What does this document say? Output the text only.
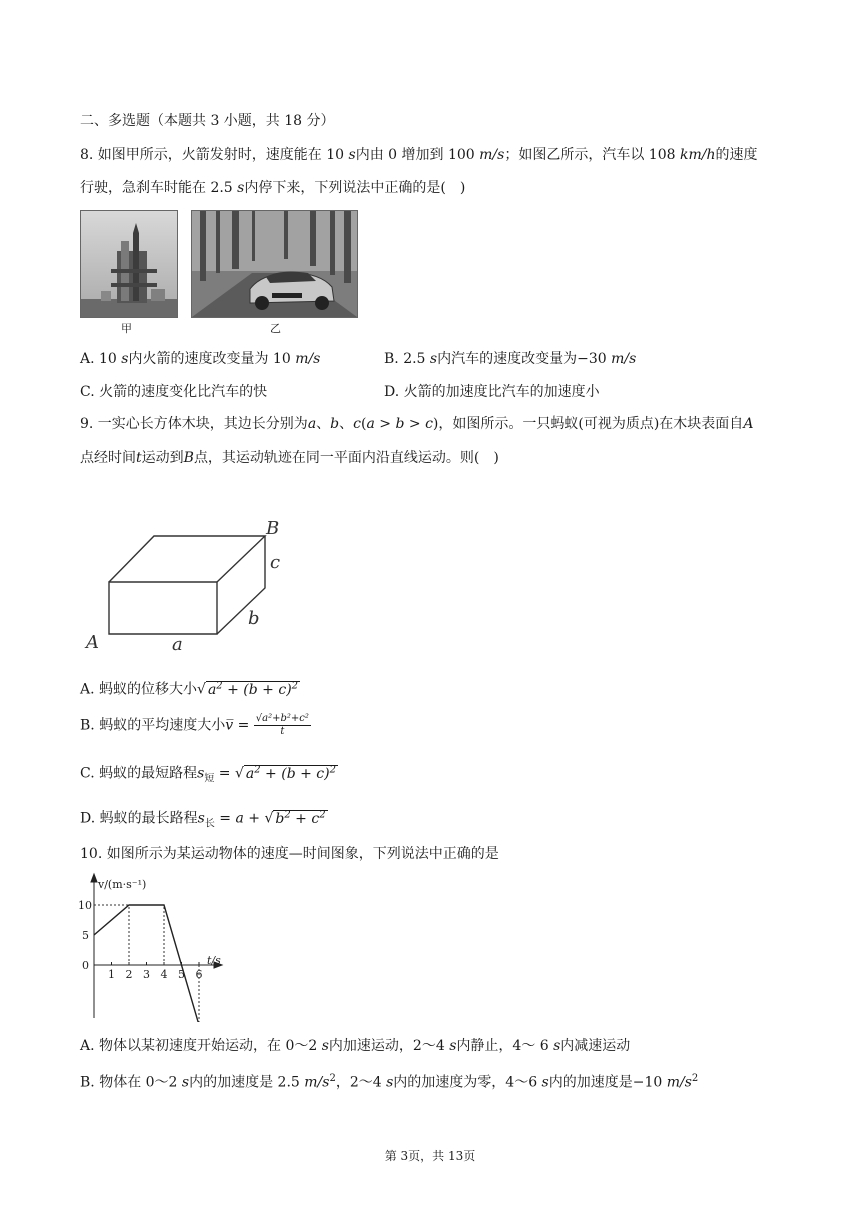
二、多选题（本题共 3 小题，共 18 分）
8. 如图甲所示，火箭发射时，速度能在 10 s内由 0 增加到 100 m/s；如图乙所示，汽车以 108 km/h的速度
行驶，急刹车时能在 2.5 s内停下来，下列说法中正确的是(　)
甲	乙
A. 10 s内火箭的速度改变量为 10 m/s	B. 2.5 s内汽车的速度改变量为−30 m/s
C. 火箭的速度变化比汽车的快	D. 火箭的加速度比汽车的加速度小
9. 一实心长方体木块，其边长分别为a、b、c(a > b > c)，如图所示。一只蚂蚁(可视为质点)在木块表面自A
点经时间t运动到B点，其运动轨迹在同一平面内沿直线运动。则(　)
A
B
a
b
c
A. 蚂蚁的位移大小√ $a^2 + (b + c)^2$
B. 蚂蚁的平均速度大小v̅ = $\frac{\text{√a²+b²+c²}}{t}$
C. 蚂蚁的最短路程$s_短$ = √ $a^2 + (b + c)^2$
D. 蚂蚁的最长路程$s_长 = a$ + √ $b^2 + c^2$
10. 如图所示为某运动物体的速度—时间图象，下列说法中正确的是
1 2 3 4 5 6
0
5
10
v/(m·s⁻¹)
t/s
A. 物体以某初速度开始运动，在 0～2 s内加速运动，2～4 s内静止，4～ 6 s内减速运动
B. 物体在 0～2 s内的加速度是 2.5 $m/s^2$，2～4 s内的加速度为零，4～6 s内的加速度是−10 $m/s^2$
第 3页，共 13页
